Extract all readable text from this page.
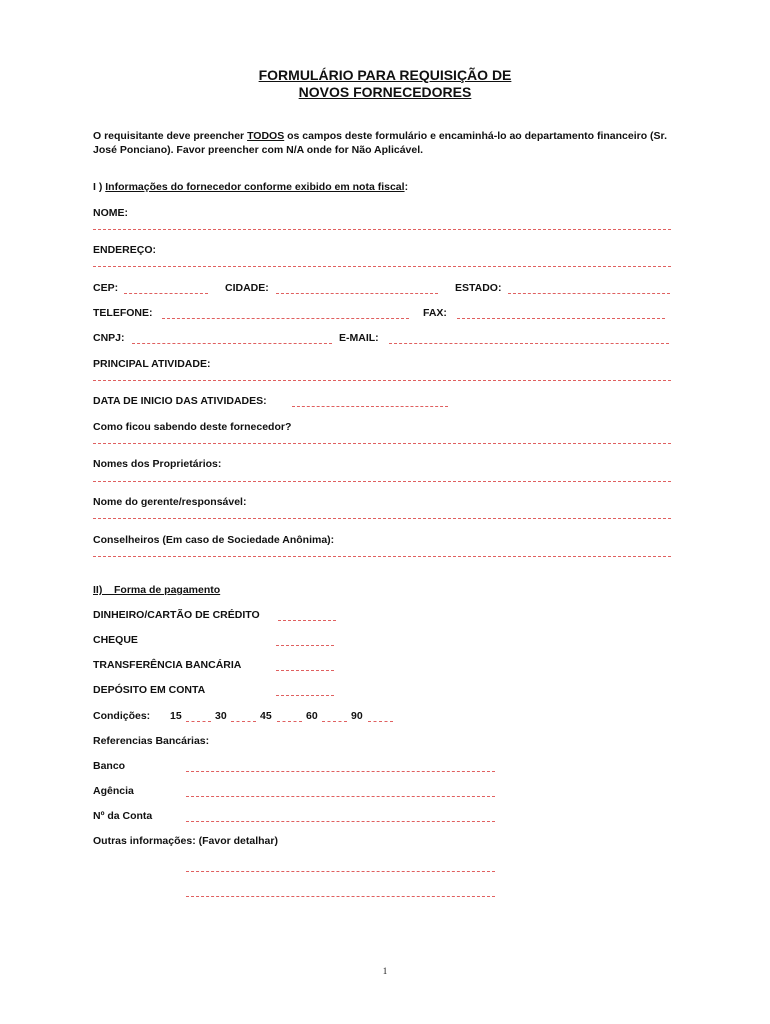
FORMULÁRIO PARA REQUISIÇÃO DE
NOVOS FORNECEDORES
O requisitante deve preencher TODOS os campos deste formulário e encaminhá-lo ao departamento financeiro (Sr. José Ponciano). Favor preencher com N/A onde for Não Aplicável.
I ) Informações do fornecedor conforme exibido em nota fiscal:
NOME:
ENDEREÇO:
CEP:	CIDADE:	ESTADO:
TELEFONE:	FAX:
CNPJ:	E-MAIL:
PRINCIPAL ATIVIDADE:
DATA DE INICIO DAS ATIVIDADES:
Como ficou sabendo deste fornecedor?
Nomes dos Proprietários:
Nome do gerente/responsável:
Conselheiros (Em caso de Sociedade Anônima):
II)    Forma de pagamento
DINHEIRO/CARTÃO DE CRÉDITO
CHEQUE
TRANSFERÊNCIA BANCÁRIA
DEPÓSITO EM CONTA
Condições: 15	30	45	60	90
Referencias Bancárias:
Banco
Agência
Nº da Conta
Outras informações: (Favor detalhar)
1
